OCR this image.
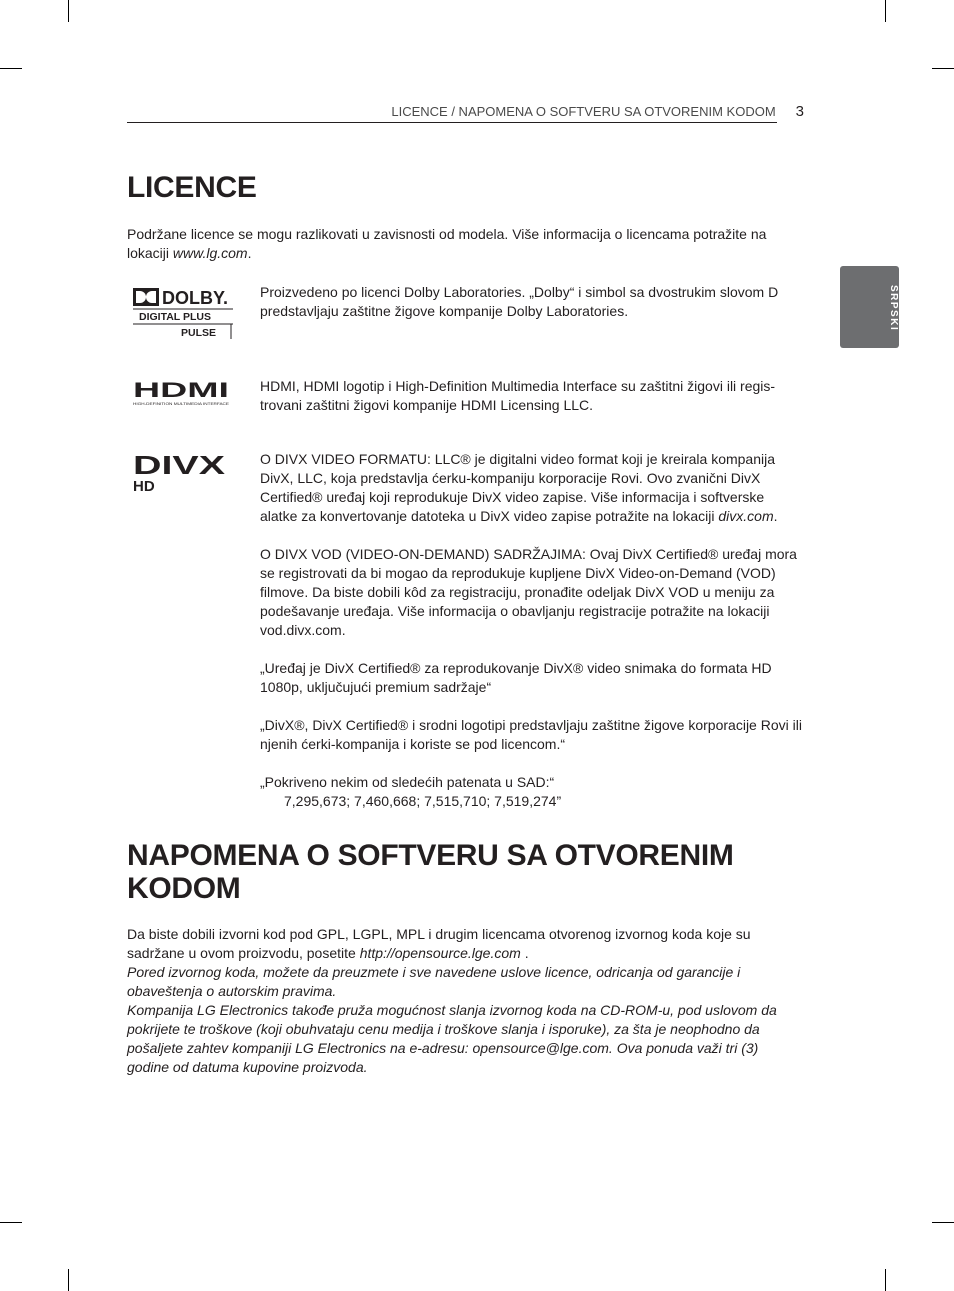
LICENCE / NAPOMENA O SOFTVERU SA OTVORENIM KODOM 3
SRPSKI
LICENCE

Podržane licence se mogu razlikovati u zavisnosti od modela. Više informacija o licencama potražite na lokaciji www.lg.com.

DOLBY.
DIGITAL PLUS
PULSE

Proizvedeno po licenci Dolby Laboratories. „Dolby“ i simbol sa dvostrukim slovom D predstavljaju zaštitne žigove kompanije Dolby Laboratories.

HDMI
HIGH-DEFINITION MULTIMEDIA INTERFACE

HDMI, HDMI logotip i High-Definition Multimedia Interface su zaštitni žigovi ili regis-trovani zaštitni žigovi kompanije HDMI Licensing LLC.

DIVX
HD

O DIVX VIDEO FORMATU: LLC® je digitalni video format koji je kreirala kompanija DivX, LLC, koja predstavlja ćerku-kompaniju korporacije Rovi. Ovo zvanični DivX Certified® uređaj koji reprodukuje DivX video zapise. Više informacija i softverske alatke za konvertovanje datoteka u DivX video zapise potražite na lokaciji divx.com.

O DIVX VOD (VIDEO-ON-DEMAND) SADRŽAJIMA: Ovaj DivX Certified® uređaj mora se registrovati da bi mogao da reprodukuje kupljene DivX Video-on-Demand (VOD) filmove. Da biste dobili kôd za registraciju, pronađite odeljak DivX VOD u meniju za podešavanje uređaja. Više informacija o obavljanju registracije potražite na lokaciji vod.divx.com.

„Uređaj je DivX Certified® za reprodukovanje DivX® video snimaka do formata HD 1080p, uključujući premium sadržaje“

„DivX®, DivX Certified® i srodni logotipi predstavljaju zaštitne žigove korporacije Rovi ili njenih ćerki-kompanija i koriste se pod licencom.“

„Pokriveno nekim od sledećih patenata u SAD:“
7,295,673; 7,460,668; 7,515,710; 7,519,274”

NAPOMENA O SOFTVERU SA OTVORENIM KODOM
Da biste dobili izvorni kod pod GPL, LGPL, MPL i drugim licencama otvorenog izvornog koda koje su sadržane u ovom proizvodu, posetite http://opensource.lge.com .
Pored izvornog koda, možete da preuzmete i sve navedene uslove licence, odricanja od garancije i obaveštenja o autorskim pravima.
Kompanija LG Electronics takođe pruža mogućnost slanja izvornog koda na CD-ROM-u, pod uslovom da pokrijete te troškove (koji obuhvataju cenu medija i troškove slanja i isporuke), za šta je neophodno da pošaljete zahtev kompaniji LG Electronics na e-adresu: opensource@lge.com. Ova ponuda važi tri (3) godine od datuma kupovine proizvoda.
